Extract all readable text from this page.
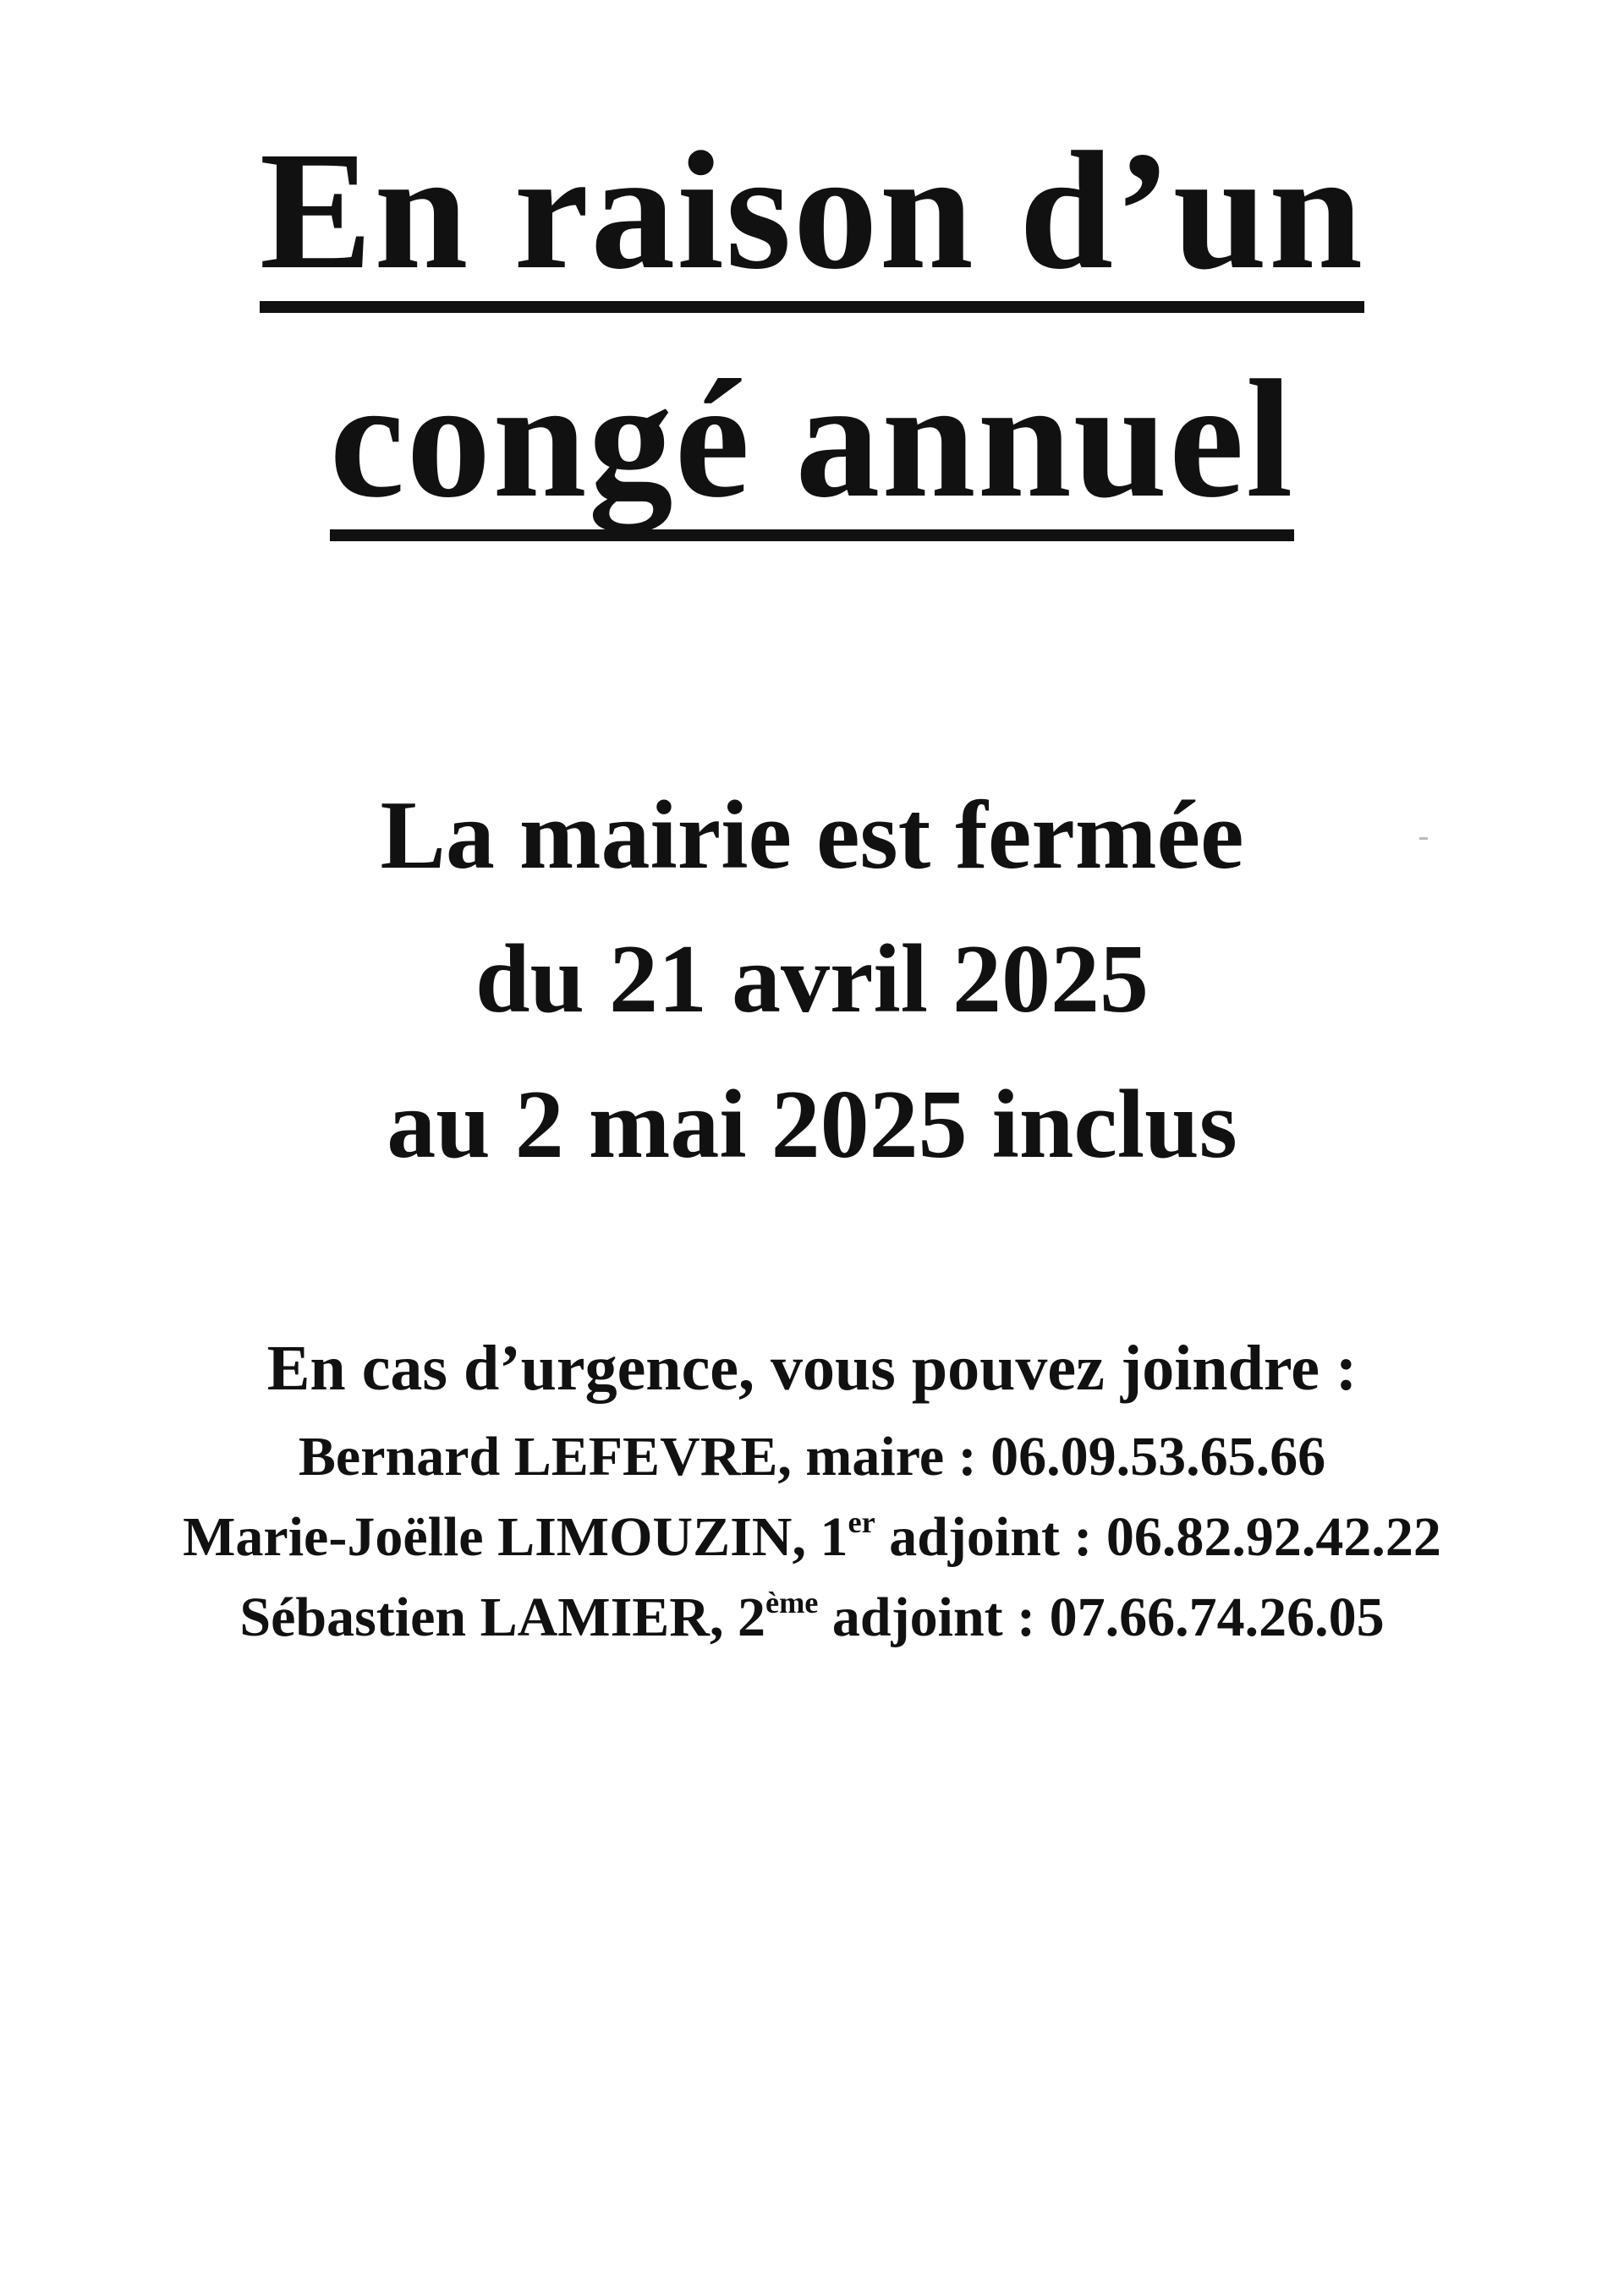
En raison d’un
congé annuel
La mairie est fermée
du 21 avril 2025
au 2 mai 2025 inclus
En cas d’urgence, vous pouvez joindre :
Bernard LEFEVRE, maire : 06.09.53.65.66
Marie-Joëlle LIMOUZIN, 1er adjoint : 06.82.92.42.22
Sébastien LAMIER, 2ème adjoint : 07.66.74.26.05
